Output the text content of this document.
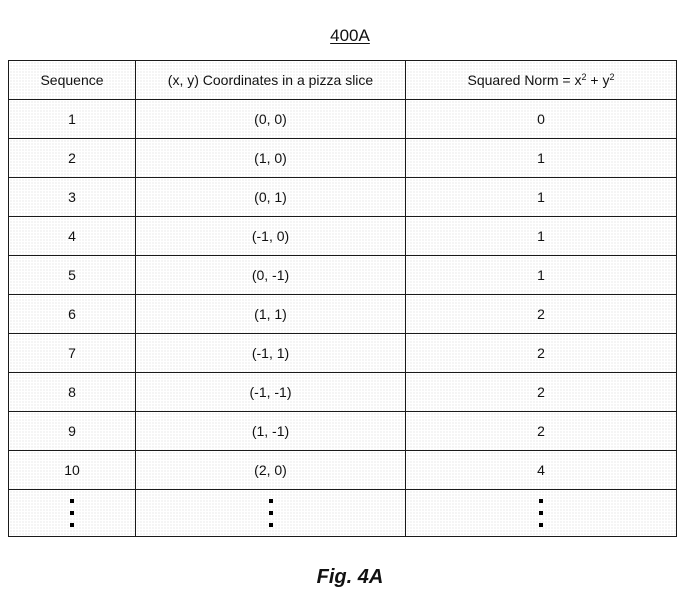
400A
Sequence	(x, y) Coordinates in a pizza slice	Squared Norm = $x^2 + y^2$
1	(0, 0)	0
2	(1, 0)	1
3	(0, 1)	1
4	(-1, 0)	1
5	(0, -1)	1
6	(1, 1)	2
7	(-1, 1)	2
8	(-1, -1)	2
9	(1, -1)	2
10	(2, 0)	4

Fig. 4A
